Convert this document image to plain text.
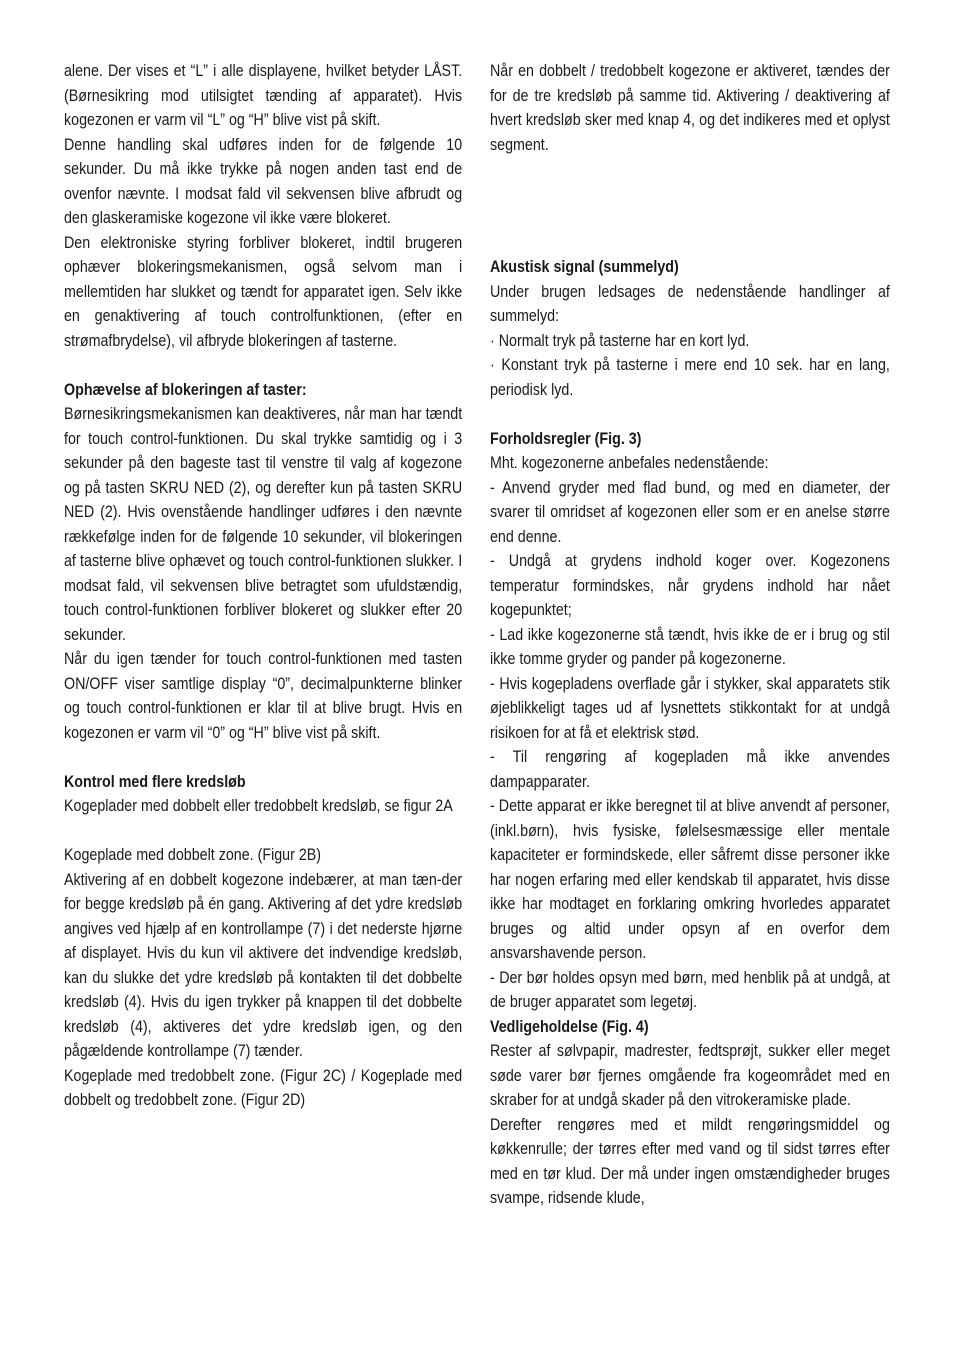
alene. Der vises et “L” i alle displayene, hvilket betyder LÅST. (Børnesikring mod utilsigtet tænding af apparatet). Hvis kogezonen er varm vil “L” og “H” blive vist på skift.

Denne handling skal udføres inden for de følgende 10 sekunder. Du må ikke trykke på nogen anden tast end de ovenfor nævnte. I modsat fald vil sekvensen blive afbrudt og den glaskeramiske kogezone vil ikke være blokeret.

Den elektroniske styring forbliver blokeret, indtil brugeren ophæver blokeringsmekanismen, også selvom man i mellemtiden har slukket og tændt for apparatet igen. Selv ikke en genaktivering af touch controlfunktionen, (efter en strømafbrydelse), vil afbryde blokeringen af tasterne.

Ophævelse af blokeringen af taster:

Børnesikringsmekanismen kan deaktiveres, når man har tændt for touch control-funktionen. Du skal trykke samtidig og i 3 sekunder på den bageste tast til venstre til valg af kogezone og på tasten SKRU NED (2), og derefter kun på tasten SKRU NED (2). Hvis ovenstående handlinger udføres i den nævnte rækkefølge inden for de følgende 10 sekunder, vil blokeringen af tasterne blive ophævet og touch control-funktionen slukker. I modsat fald, vil sekvensen blive betragtet som ufuldstændig, touch control-funktionen forbliver blokeret og slukker efter 20 sekunder.

Når du igen tænder for touch control-funktionen med tasten ON/OFF viser samtlige display “0”, decimalpunkterne blinker og touch control-funktionen er klar til at blive brugt. Hvis en kogezonen er varm vil “0” og “H” blive vist på skift.

Kontrol med flere kredsløb

Kogeplader med dobbelt eller tredobbelt kredsløb, se figur 2A

Kogeplade med dobbelt zone. (Figur 2B)

Aktivering af en dobbelt kogezone indebærer, at man tæn-der for begge kredsløb på én gang. Aktivering af det ydre kredsløb angives ved hjælp af en kontrollampe (7) i det nederste hjørne af displayet. Hvis du kun vil aktivere det indvendige kredsløb, kan du slukke det ydre kredsløb på kontakten til det dobbelte kredsløb (4). Hvis du igen trykker på knappen til det dobbelte kredsløb (4), aktiveres det ydre kredsløb igen, og den pågældende kontrollampe (7) tænder.

Kogeplade med tredobbelt zone. (Figur 2C) / Kogeplade med dobbelt og tredobbelt zone. (Figur 2D)

Når en dobbelt / tredobbelt kogezone er aktiveret, tændes der for de tre kredsløb på samme tid. Aktivering / deaktivering af hvert kredsløb sker med knap 4, og det indikeres med et oplyst segment.

Akustisk signal (summelyd)

Under brugen ledsages de nedenstående handlinger af summelyd:

· Normalt tryk på tasterne har en kort lyd.

· Konstant tryk på tasterne i mere end 10 sek. har en lang, periodisk lyd.

Forholdsregler (Fig. 3)

Mht. kogezonerne anbefales nedenstående:

- Anvend gryder med flad bund, og med en diameter, der svarer til omridset af kogezonen eller som er en anelse større end denne.

- Undgå at grydens indhold koger over. Kogezonens temperatur formindskes, når grydens indhold har nået kogepunktet;

- Lad ikke kogezonerne stå tændt, hvis ikke de er i brug og stil ikke tomme gryder og pander på kogezonerne.

- Hvis kogepladens overflade går i stykker, skal apparatets stik øjeblikkeligt tages ud af lysnettets stikkontakt for at undgå risikoen for at få et elektrisk stød.

- Til rengøring af kogepladen må ikke anvendes dampapparater.

- Dette apparat er ikke beregnet til at blive anvendt af personer, (inkl.børn), hvis fysiske, følelsesmæssige eller mentale kapaciteter er formindskede, eller såfremt disse personer ikke har nogen erfaring med eller kendskab til apparatet, hvis disse ikke har modtaget en forklaring omkring hvorledes apparatet bruges og altid under opsyn af en overfor dem ansvarshavende person.

- Der bør holdes opsyn med børn, med henblik på at undgå, at de bruger apparatet som legetøj.

Vedligeholdelse (Fig. 4)

Rester af sølvpapir, madrester, fedtsprøjt, sukker eller meget søde varer bør fjernes omgående fra kogeområdet med en skraber for at undgå skader på den vitrokeramiske plade.

Derefter rengøres med et mildt rengøringsmiddel og køkkenrulle; der tørres efter med vand og til sidst tørres efter med en tør klud. Der må under ingen omstændigheder bruges svampe, ridsende klude,
